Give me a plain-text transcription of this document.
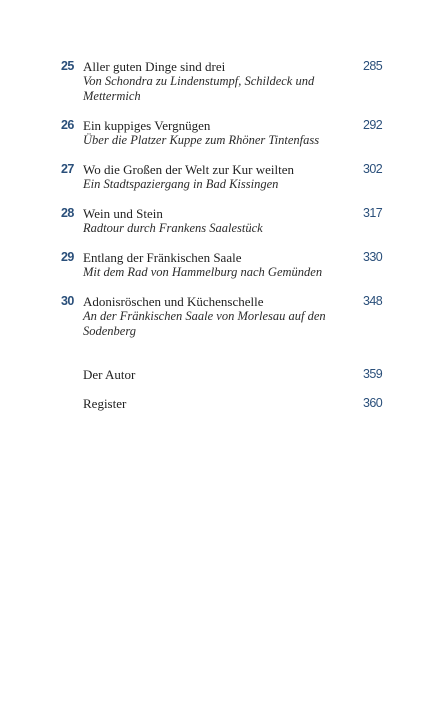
25 Aller guten Dinge sind drei
Von Schondra zu Lindenstumpf, Schildeck und Mettermich
285
26 Ein kuppiges Vergnügen
Über die Platzer Kuppe zum Rhöner Tintenfass
292
27 Wo die Großen der Welt zur Kur weilten
Ein Stadtspaziergang in Bad Kissingen
302
28 Wein und Stein
Radtour durch Frankens Saalestück
317
29 Entlang der Fränkischen Saale
Mit dem Rad von Hammelburg nach Gemünden
330
30 Adonisröschen und Küchenschelle
An der Fränkischen Saale von Morlesau auf den Sodenberg
348
Der Autor	359
Register	360
